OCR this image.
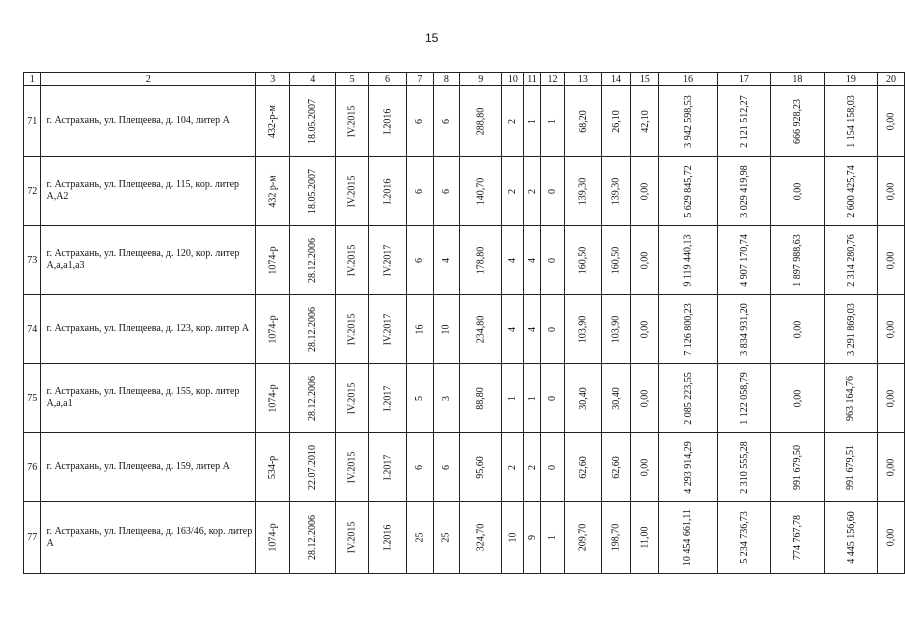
15
1	2	3	4	5	6	7	8	9	10	11	12	13	14	15	16	17	18	19	20
71	г. Астрахань, ул. Плещеева, д. 104, литер А	432-р-м	18.05.2007	IV.2015	I.2016	6	6	288,80	2	1	1	68,20	26,10	42,10	3 942 598,53	2 121 512,27	666 928,23	1 154 158,03	0,00
72	г. Астрахань, ул. Плещеева, д. 115, кор. литер А,А2	432 р-м	18.05.2007	IV.2015	I.2016	6	6	140,70	2	2	0	139,30	139,30	0,00	5 629 845,72	3 029 419,98	0,00	2 600 425,74	0,00
73	г. Астрахань, ул. Плещеева, д. 120, кор. литер А,а,а1,а3	1074-р	28.12.2006	IV.2015	IV.2017	6	4	178,80	4	4	0	160,50	160,50	0,00	9 119 440,13	4 907 170,74	1 897 988,63	2 314 280,76	0,00
74	г. Астрахань, ул. Плещеева, д. 123, кор. литер А	1074-р	28.12.2006	IV.2015	IV.2017	16	10	234,80	4	4	0	103,90	103,90	0,00	7 126 800,23	3 834 931,20	0,00	3 291 869,03	0,00
75	г. Астрахань, ул. Плещеева, д. 155, кор. литер А,а,а1	1074-р	28.12.2006	IV.2015	I.2017	5	3	88,80	1	1	0	30,40	30,40	0,00	2 085 223,55	1 122 058,79	0,00	963 164,76	0,00
76	г. Астрахань, ул. Плещеева, д. 159, литер А	534-р	22.07.2010	IV.2015	I.2017	6	6	95,60	2	2	0	62,60	62,60	0,00	4 293 914,29	2 310 555,28	991 679,50	991 679,51	0,00
77	г. Астрахань, ул. Плещеева, д. 163/46, кор. литер А	1074-р	28.12.2006	IV.2015	I.2016	25	25	324,70	10	9	1	209,70	198,70	11,00	10 454 661,11	5 234 736,73	774 767,78	4 445 156,60	0,00
